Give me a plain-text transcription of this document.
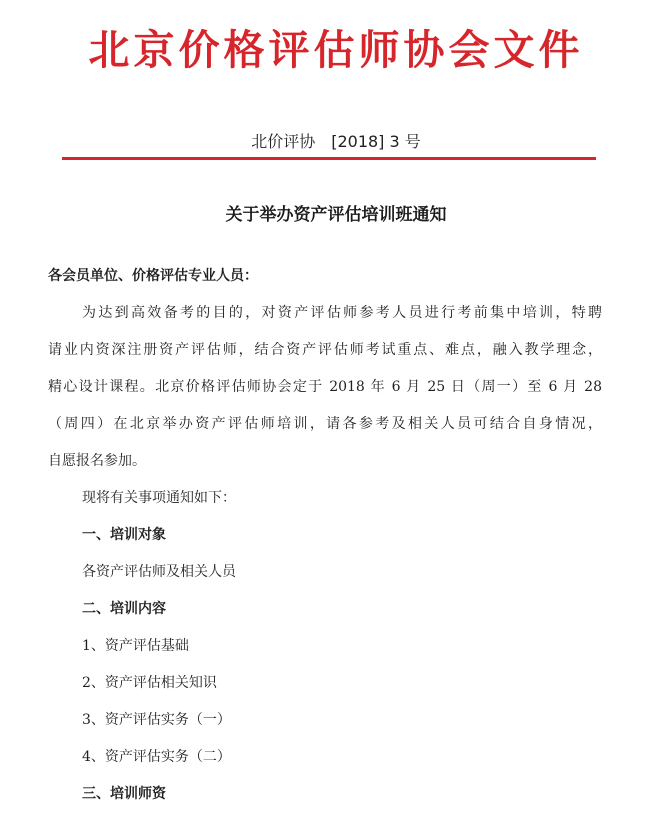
北京价格评估师协会文件
北价评协　[2018] 3 号
关于举办资产评估培训班通知
各会员单位、价格评估专业人员：
为达到高效备考的目的，对资产评估师参考人员进行考前集中培训，特聘
请业内资深注册资产评估师，结合资产评估师考试重点、难点，融入教学理念，
精心设计课程。北京价格评估师协会定于 2018 年 6 月 25 日（周一）至 6 月 28
（周四）在北京举办资产评估师培训，请各参考及相关人员可结合自身情况，
自愿报名参加。
现将有关事项通知如下：
一、培训对象
各资产评估师及相关人员
二、培训内容
1、资产评估基础
2、资产评估相关知识
3、资产评估实务（一）
4、资产评估实务（二）
三、培训师资
